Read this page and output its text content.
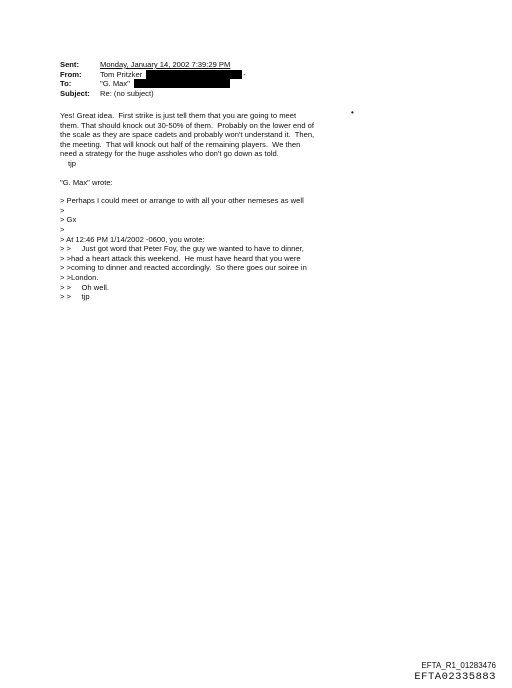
Sent:	Monday, January 14, 2002 7:39:29 PM
From:	Tom Pritzker	-
To:	"G. Max"
Subject:	Re: (no subject)
•

Yes! Great idea.  First strike is just tell them that you are going to meet

them. That should knock out 30-50% of them.  Probably on the lower end of

the scale as they are space cadets and probably won't understand it.  Then,

the meeting.  That will knock out half of the remaining players.  We then

need a strategy for the huge assholes who don't go down as told.

tjp

"G. Max" wrote:

> Perhaps I could meet or arrange to with all your other nemeses as well

>

> Gx

>

> At 12:46 PM 1/14/2002 -0600, you wrote:

> >     Just got word that Peter Foy, the guy we wanted to have to dinner,

> >had a heart attack this weekend.  He must have heard that you were

> >coming to dinner and reacted accordingly.  So there goes our soiree in

> >London.

> >     Oh well.

> >     tjp

EFTA_R1_01283476
EFTA02335883
